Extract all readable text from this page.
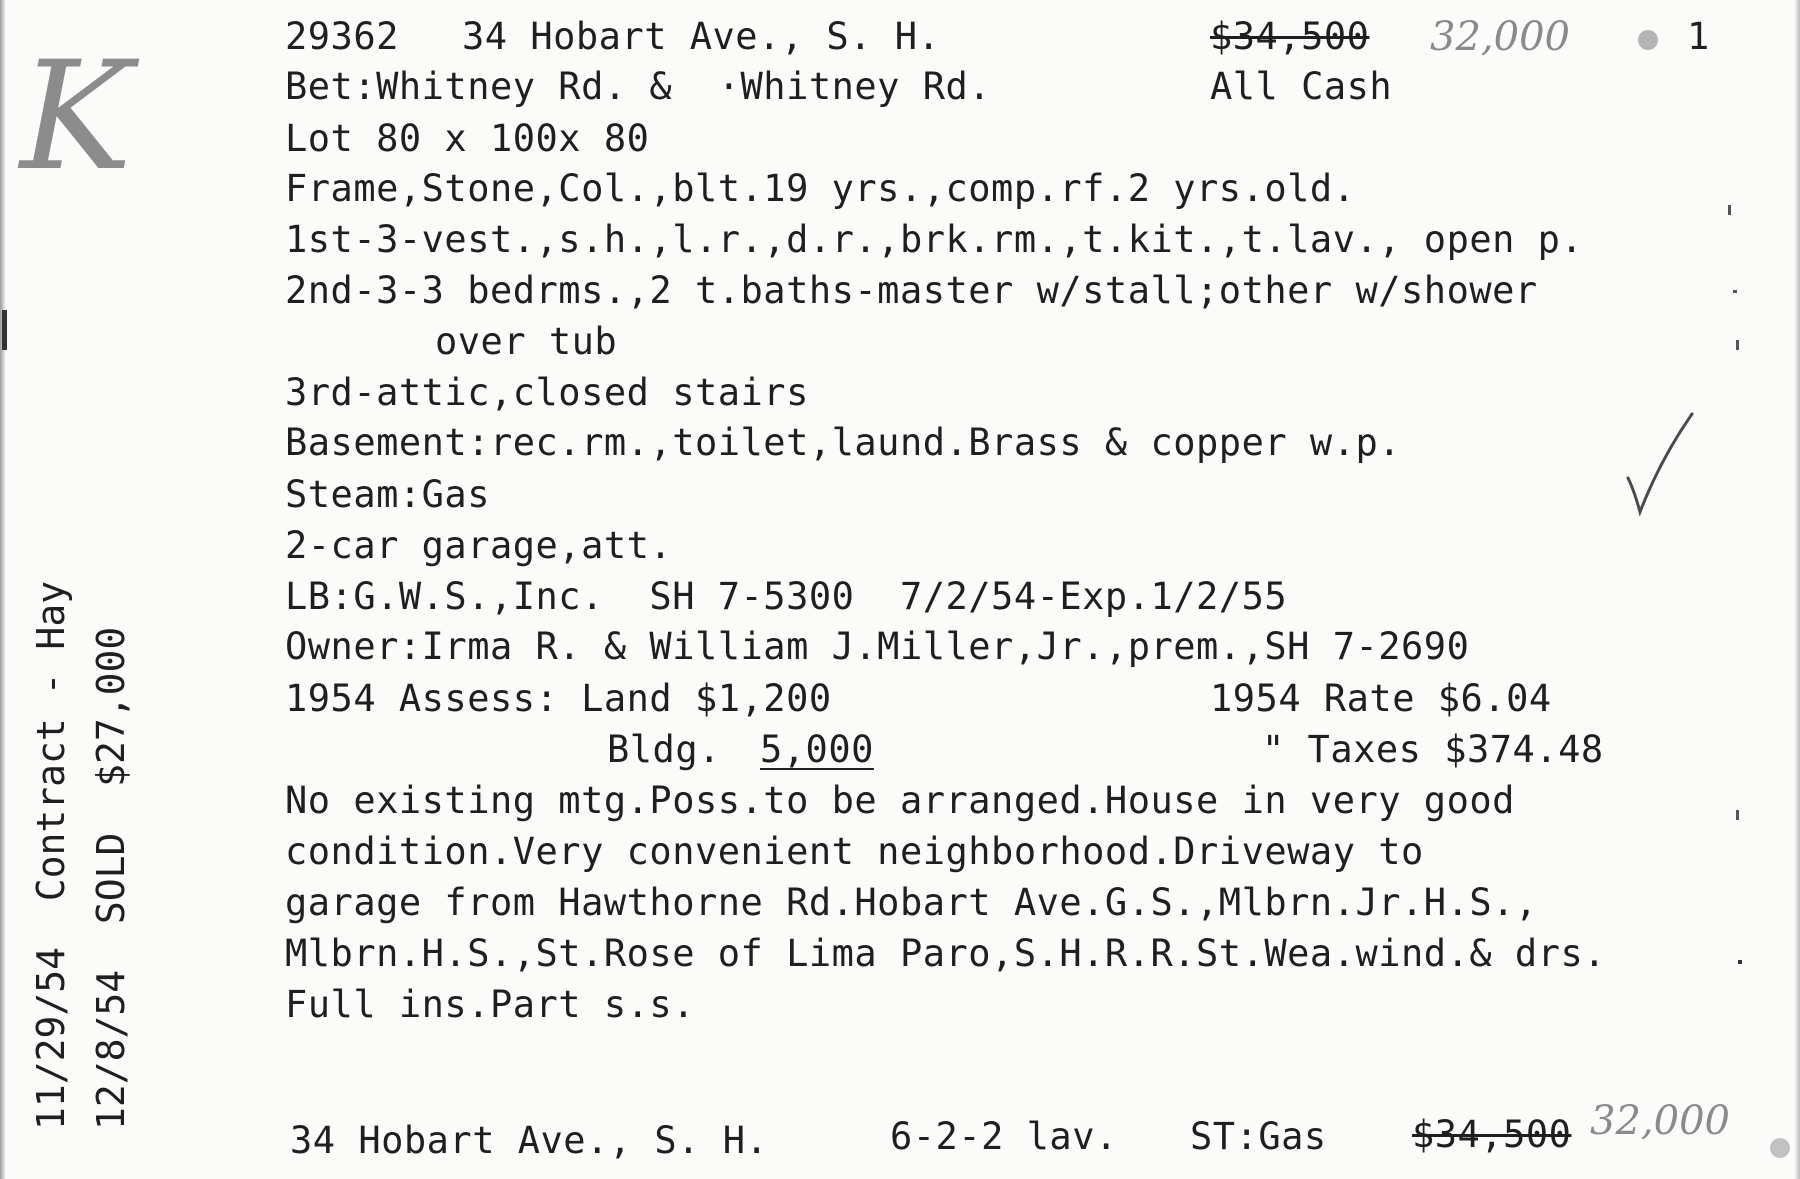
K	29362 34 Hobart Ave., S. H.	$34,500 32,000	1
Bet:Whitney Rd. &  ·Whitney Rd.	All Cash
Lot 80 x 100x 80
Frame,Stone,Col.,blt.19 yrs.,comp.rf.2 yrs.old.
1st-3-vest.,s.h.,l.r.,d.r.,brk.rm.,t.kit.,t.lav., open p.
2nd-3-3 bedrms.,2 t.baths-master w/stall;other w/shower
over tub
3rd-attic,closed stairs
Basement:rec.rm.,toilet,laund.Brass & copper w.p.
Steam:Gas
2-car garage,att.
LB:G.W.S.,Inc.  SH 7-5300  7/2/54-Exp.1/2/55
Owner:Irma R. & William J.Miller,Jr.,prem.,SH 7-2690
1954 Assess: Land $1,200	1954 Rate $6.04
Bldg. 5,000	" Taxes $374.48
No existing mtg.Poss.to be arranged.House in very good
condition.Very convenient neighborhood.Driveway to
garage from Hawthorne Rd.Hobart Ave.G.S.,Mlbrn.Jr.H.S.,
Mlbrn.H.S.,St.Rose of Lima Paro,S.H.R.R.St.Wea.wind.& drs.
Full ins.Part s.s.
34 Hobart Ave., S. H.	6-2-2 lav. ST:Gas $34,500 32,000
11/29/54  Contract - Hay 12/8/54  SOLD  $27,000
